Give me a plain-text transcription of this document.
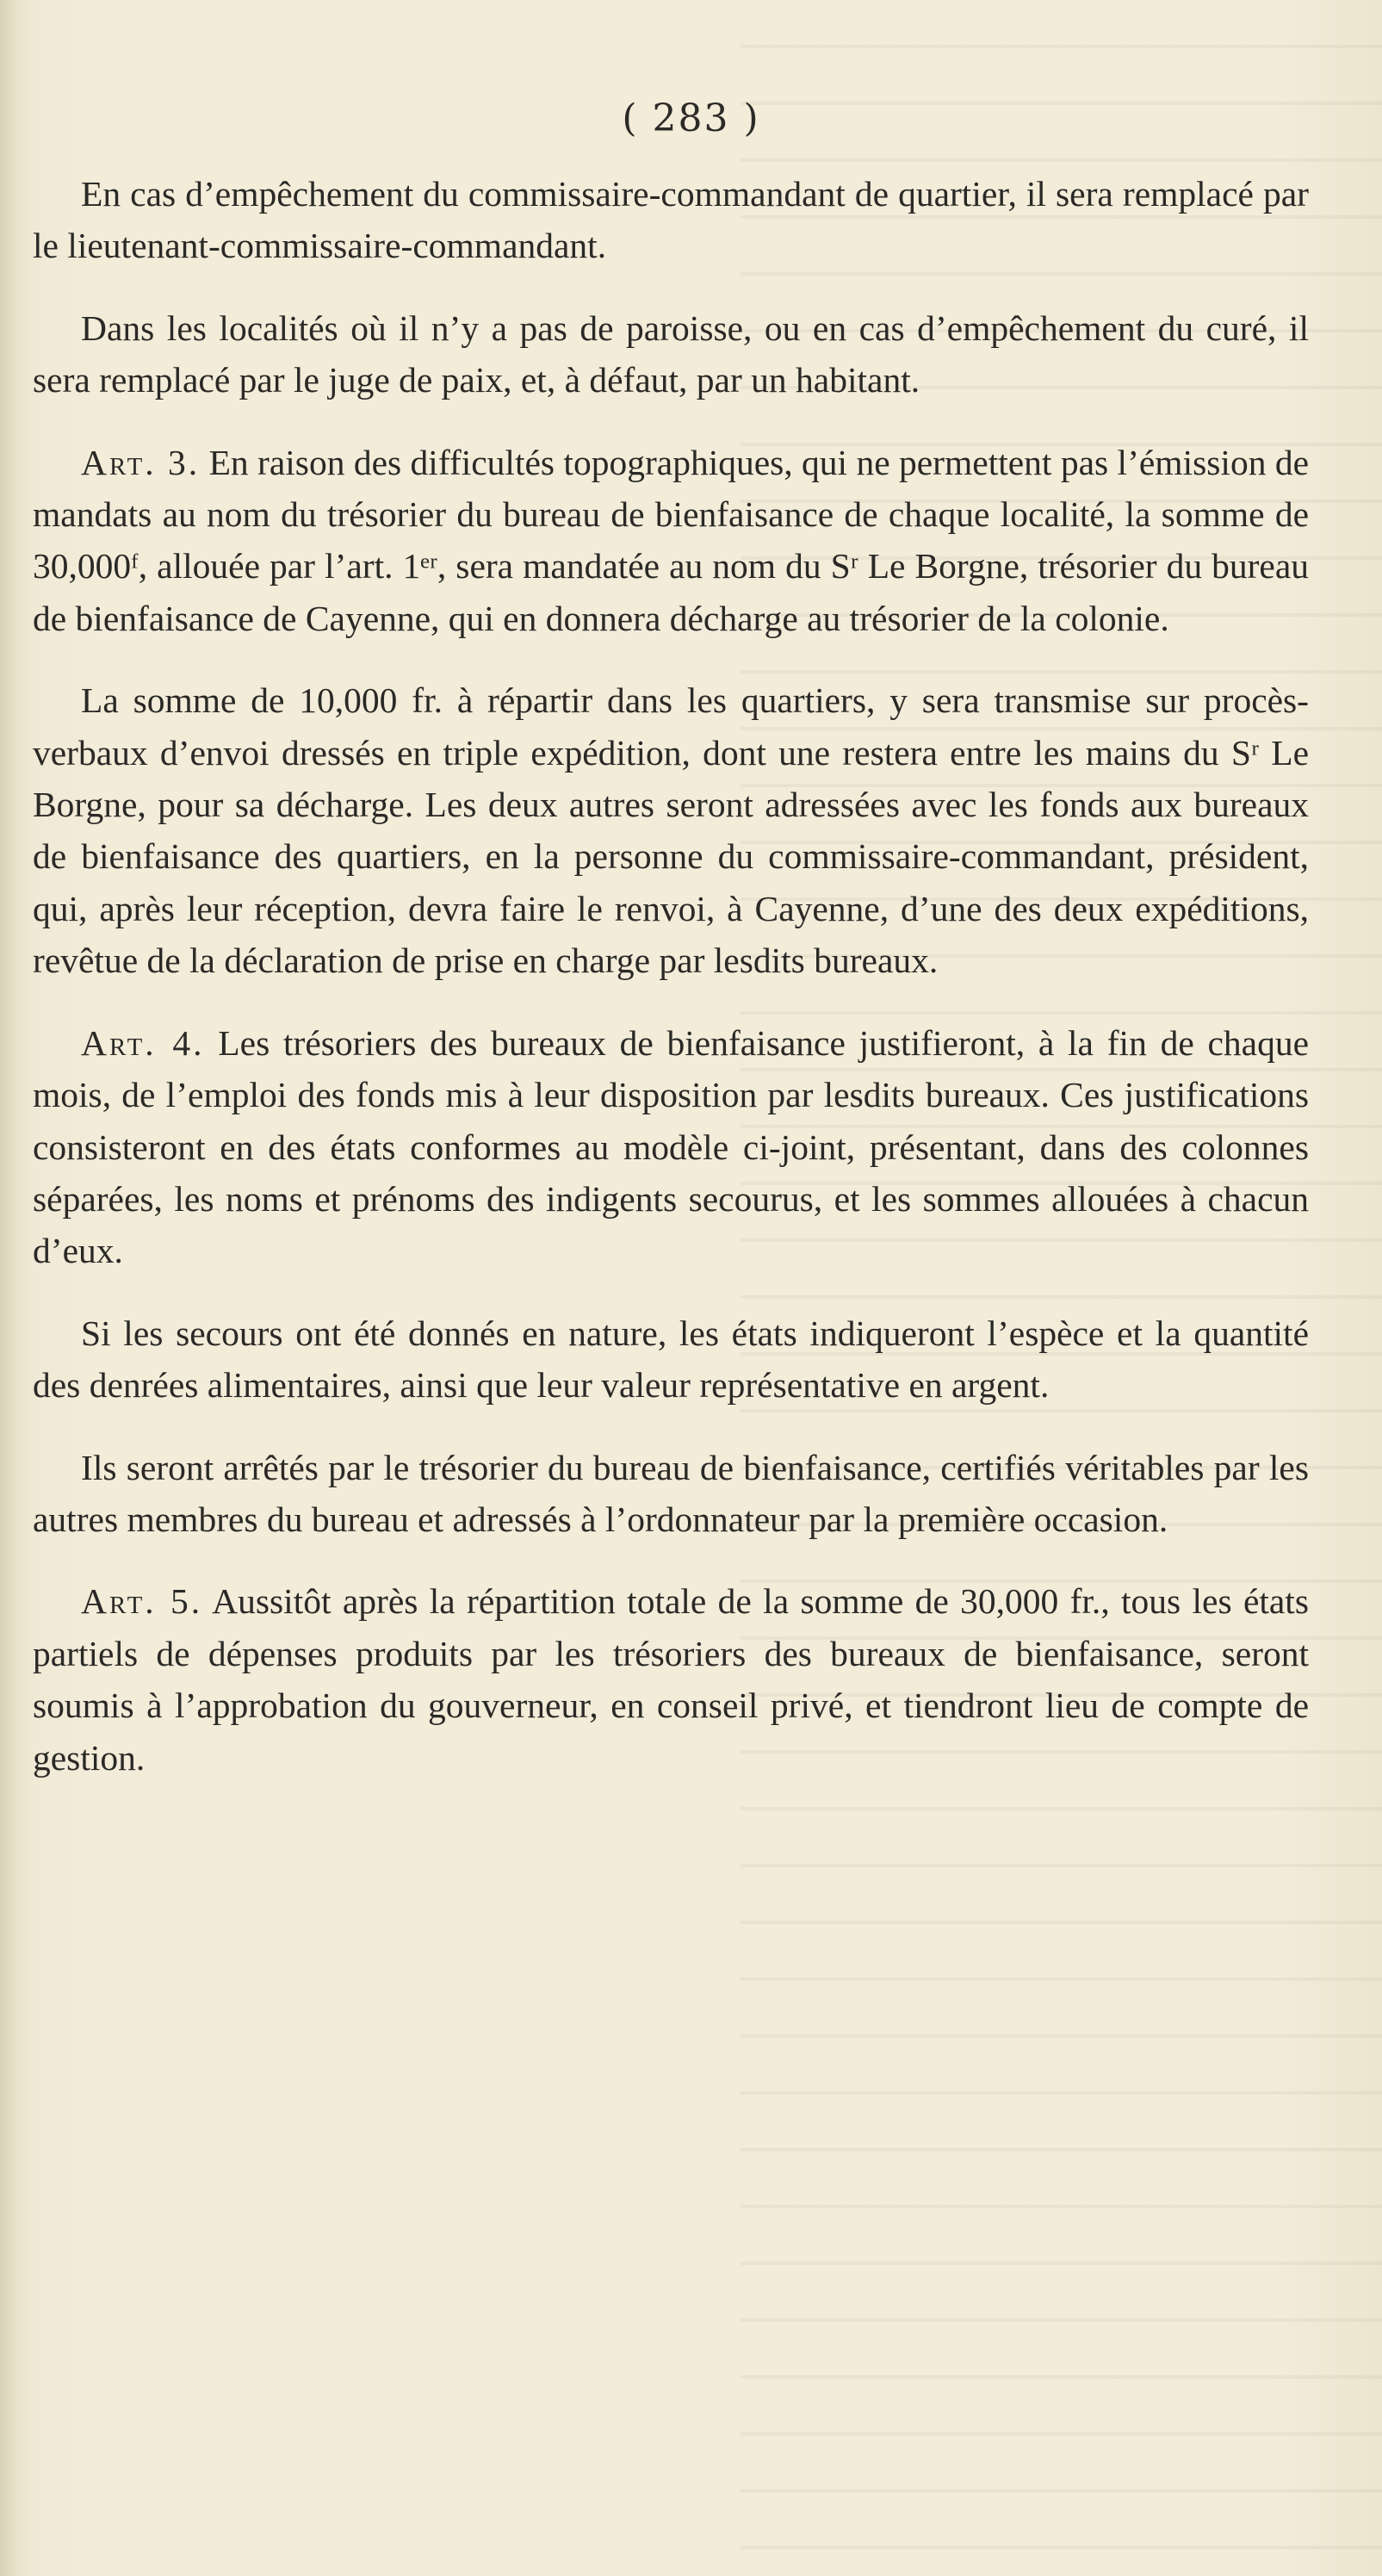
( 283 )

En cas d’empêchement du commissaire-commandant de quartier, il sera remplacé par le lieutenant-commissaire-commandant.

Dans les localités où il n’y a pas de paroisse, ou en cas d’empêchement du curé, il sera remplacé par le juge de paix, et, à défaut, par un habitant.

Art. 3. En raison des difficultés topographiques, qui ne permettent pas l’émission de mandats au nom du trésorier du bureau de bienfaisance de chaque localité, la somme de 30,000ᶠ, allouée par l’art. 1ᵉʳ, sera mandatée au nom du Sʳ Le Borgne, trésorier du bureau de bienfaisance de Cayenne, qui en donnera décharge au trésorier de la colonie.

La somme de 10,000 fr. à répartir dans les quartiers, y sera transmise sur procès-verbaux d’envoi dressés en triple expédition, dont une restera entre les mains du Sʳ Le Borgne, pour sa décharge. Les deux autres seront adressées avec les fonds aux bureaux de bienfaisance des quartiers, en la personne du commissaire-commandant, président, qui, après leur réception, devra faire le renvoi, à Cayenne, d’une des deux expéditions, revêtue de la déclaration de prise en charge par lesdits bureaux.

Art. 4. Les trésoriers des bureaux de bienfaisance justifieront, à la fin de chaque mois, de l’emploi des fonds mis à leur disposition par lesdits bureaux. Ces justifications consisteront en des états conformes au modèle ci-joint, présentant, dans des colonnes séparées, les noms et prénoms des indigents secourus, et les sommes allouées à chacun d’eux.

Si les secours ont été donnés en nature, les états indiqueront l’espèce et la quantité des denrées alimentaires, ainsi que leur valeur représentative en argent.

Ils seront arrêtés par le trésorier du bureau de bienfaisance, certifiés véritables par les autres membres du bureau et adressés à l’ordonnateur par la première occasion.

Art. 5. Aussitôt après la répartition totale de la somme de 30,000 fr., tous les états partiels de dépenses produits par les trésoriers des bureaux de bienfaisance, seront soumis à l’approbation du gouverneur, en conseil privé, et tiendront lieu de compte de gestion.
